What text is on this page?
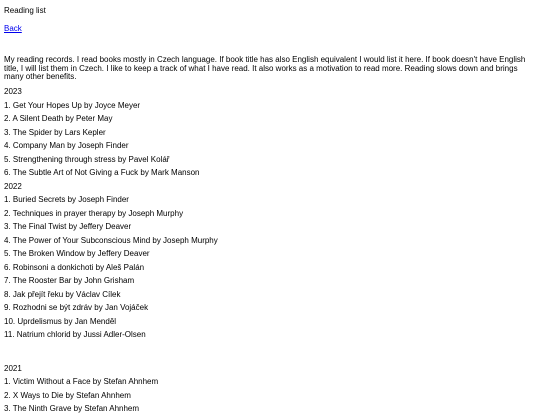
Reading list
Back
My reading records. I read books mostly in Czech language. If book title has also English equivalent I would list it here. If book doesn't have English title, I will list them in Czech. I like to keep a track of what I have read. It also works as a motivation to read more. Reading slows down and brings many other benefits.
2023
1. Get Your Hopes Up by Joyce Meyer
2. A Silent Death by Peter May
3. The Spider by Lars Kepler
4. Company Man by Joseph Finder
5. Strengthening through stress by Pavel Kolář
6. The Subtle Art of Not Giving a Fuck by Mark Manson
2022
1. Buried Secrets by Joseph Finder
2. Techniques in prayer therapy by Joseph Murphy
3. The Final Twist by Jeffery Deaver
4. The Power of Your Subconscious Mind by Joseph Murphy
5. The Broken Window by Jeffery Deaver
6. Robinsoni a donkichoti by Aleš Palán
7. The Rooster Bar by John Grisham
8. Jak přejít řeku by Václav Cílek
9. Rozhodni se být zdráv by Jan Vojáček
10. Uprdelismus by Jan Menděl
11. Natrium chlorid by Jussi Adler-Olsen
2021
1. Victim Without a Face by Stefan Ahnhem
2. X Ways to Die by Stefan Ahnhem
3. The Ninth Grave by Stefan Ahnhem
